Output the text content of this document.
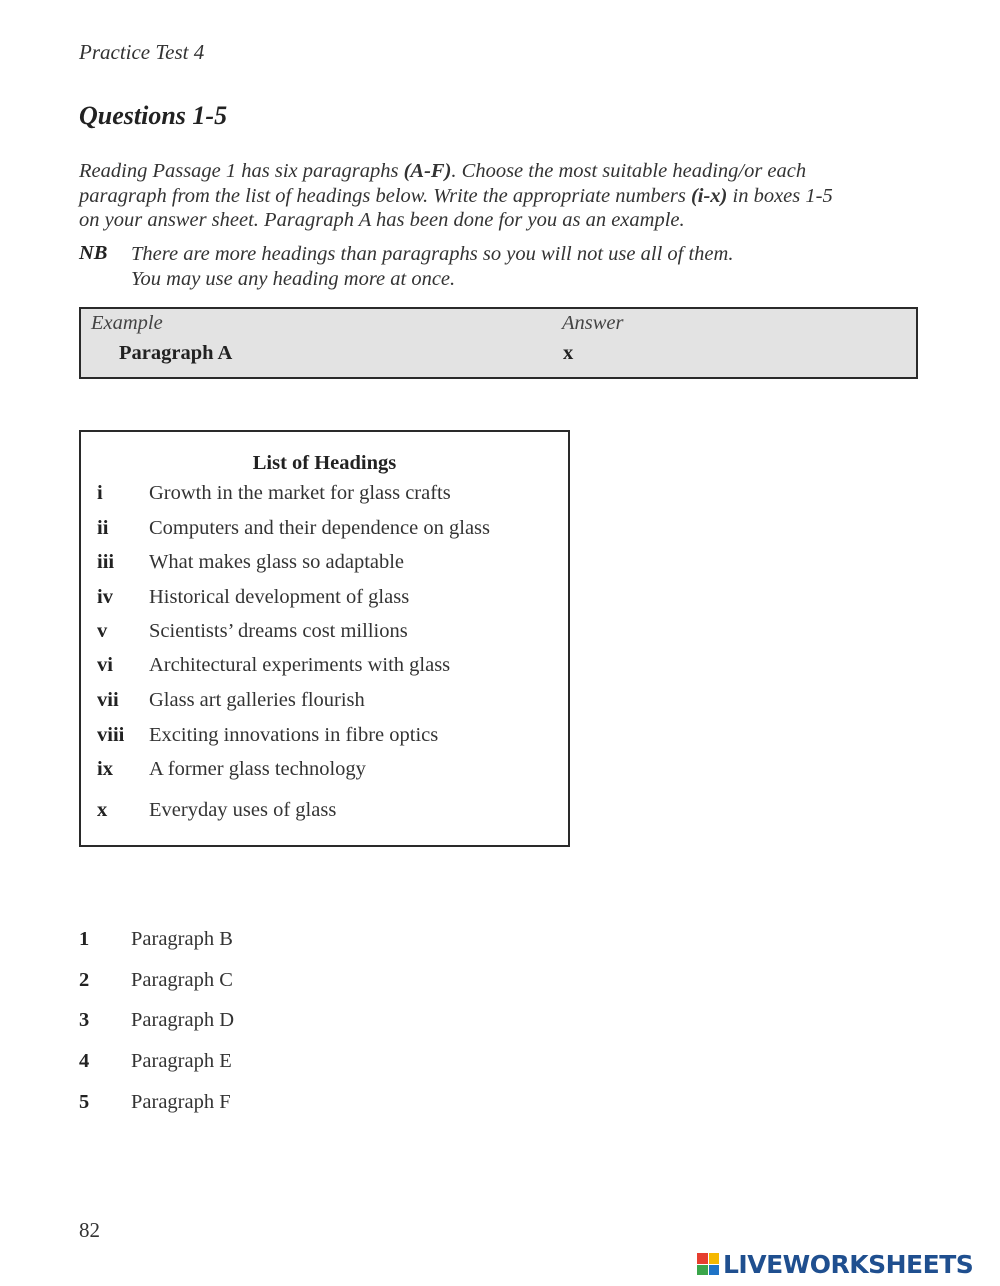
Practice Test 4
Questions 1-5
Reading Passage 1 has six paragraphs (A-F). Choose the most suitable heading/or each
paragraph from the list of headings below. Write the appropriate numbers (i-x) in boxes 1-5
on your answer sheet. Paragraph A has been done for you as an example.
NB There are more headings than paragraphs so you will not use all of them.
You may use any heading more at once.
Example	Answer
Paragraph A	x
List of Headings
i Growth in the market for glass crafts
ii Computers and their dependence on glass
iii What makes glass so adaptable
iv Historical development of glass
v Scientists’ dreams cost millions
vi Architectural experiments with glass
vii Glass art galleries flourish
viii Exciting innovations in fibre optics
ix A former glass technology
x Everyday uses of glass
1 Paragraph B
2 Paragraph C
3 Paragraph D
4 Paragraph E
5 Paragraph F
82
LIVEWORKSHEETS
